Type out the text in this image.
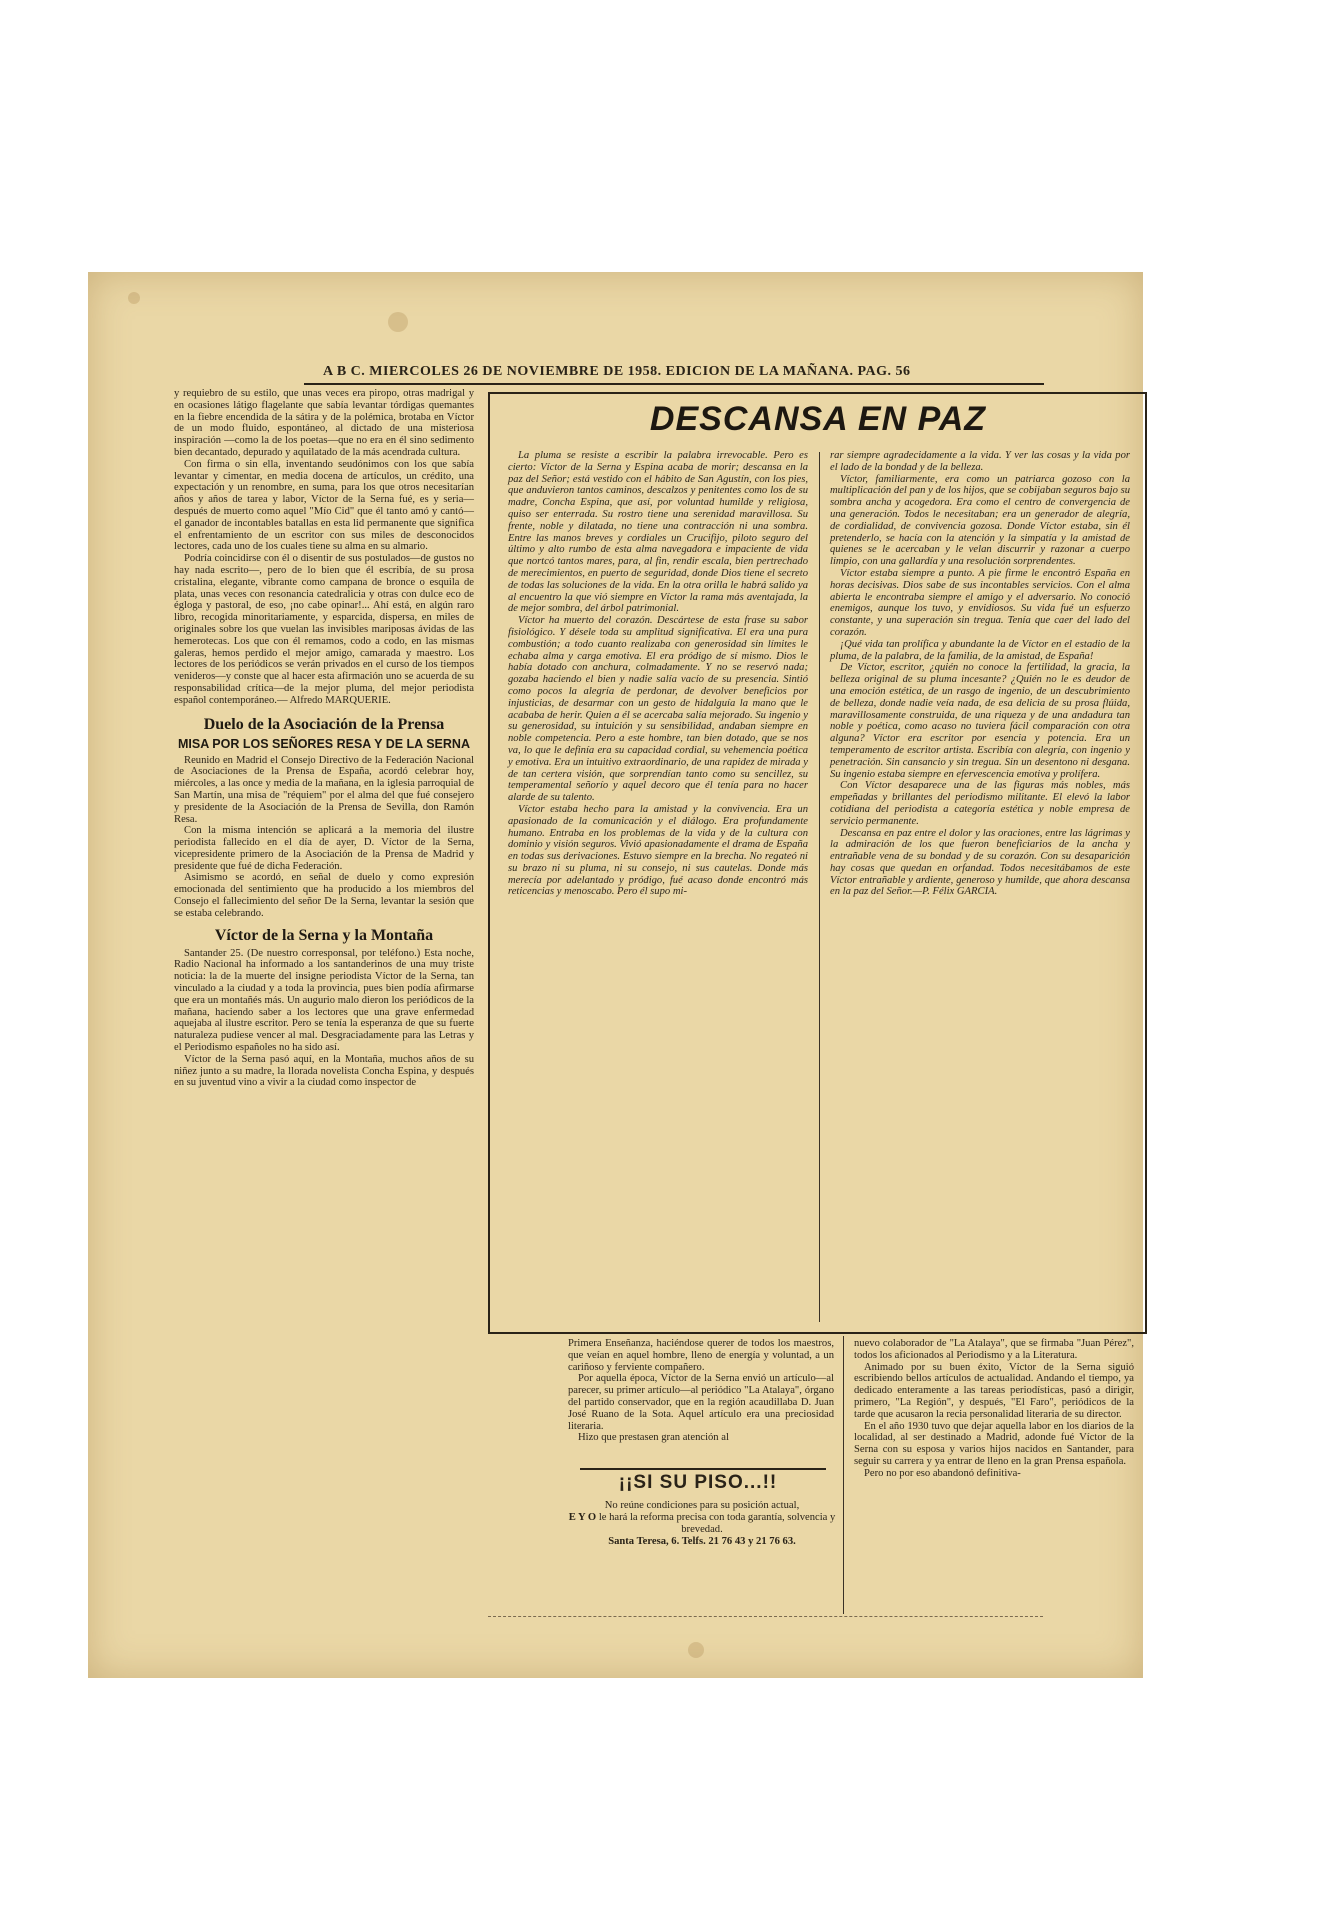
A B C. MIERCOLES 26 DE NOVIEMBRE DE 1958. EDICION DE LA MAÑANA. PAG. 56

y requiebro de su estilo, que unas veces era piropo, otras madrigal y en ocasiones látigo flagelante que sabía levantar tórdigas quemantes en la fiebre encendida de la sátira y de la polémica, brotaba en Víctor de un modo fluido, espontáneo, al dictado de una misteriosa inspiración —como la de los poetas—que no era en él sino sedimento bien decantado, depurado y aquilatado de la más acendrada cultura.

Con firma o sin ella, inventando seudónimos con los que sabía levantar y cimentar, en media docena de artículos, un crédito, una expectación y un renombre, en suma, para los que otros necesitarían años y años de tarea y labor, Víctor de la Serna fué, es y seria—después de muerto como aquel "Mío Cid" que él tanto amó y cantó—el ganador de incontables batallas en esta lid permanente que significa el enfrentamiento de un escritor con sus miles de desconocidos lectores, cada uno de los cuales tiene su alma en su almario.

Podría coincidirse con él o disentir de sus postulados—de gustos no hay nada escrito—, pero de lo bien que él escribía, de su prosa cristalina, elegante, vibrante como campana de bronce o esquila de plata, unas veces con resonancia catedralicia y otras con dulce eco de égloga y pastoral, de eso, ¡no cabe opinar!... Ahí está, en algún raro libro, recogida minoritariamente, y esparcida, dispersa, en miles de originales sobre los que vuelan las invisibles mariposas ávidas de las hemerotecas. Los que con él remamos, codo a codo, en las mismas galeras, hemos perdido el mejor amigo, camarada y maestro. Los lectores de los periódicos se verán privados en el curso de los tiempos venideros—y conste que al hacer esta afirmación uno se acuerda de su responsabilidad crítica—de la mejor pluma, del mejor periodista español contemporáneo.— Alfredo MARQUERIE.

Duelo de la Asociación de la Prensa
MISA POR LOS SEÑORES RESA Y DE LA SERNA

Reunido en Madrid el Consejo Directivo de la Federación Nacional de Asociaciones de la Prensa de España, acordó celebrar hoy, miércoles, a las once y media de la mañana, en la iglesia parroquial de San Martín, una misa de "réquiem" por el alma del que fué consejero y presidente de la Asociación de la Prensa de Sevilla, don Ramón Resa.

Con la misma intención se aplicará a la memoria del ilustre periodista fallecido en el día de ayer, D. Víctor de la Serna, vicepresidente primero de la Asociación de la Prensa de Madrid y presidente que fué de dicha Federación.

Asimismo se acordó, en señal de duelo y como expresión emocionada del sentimiento que ha producido a los miembros del Consejo el fallecimiento del señor De la Serna, levantar la sesión que se estaba celebrando.

Víctor de la Serna y la Montaña

Santander 25. (De nuestro corresponsal, por teléfono.) Esta noche, Radio Nacional ha informado a los santanderinos de una muy triste noticia: la de la muerte del insigne periodista Víctor de la Serna, tan vinculado a la ciudad y a toda la provincia, pues bien podía afirmarse que era un montañés más. Un augurio malo dieron los periódicos de la mañana, haciendo saber a los lectores que una grave enfermedad aquejaba al ilustre escritor. Pero se tenía la esperanza de que su fuerte naturaleza pudiese vencer al mal. Desgraciadamente para las Letras y el Periodismo españoles no ha sido así.

Víctor de la Serna pasó aquí, en la Montaña, muchos años de su niñez junto a su madre, la llorada novelista Concha Espina, y después en su juventud vino a vivir a la ciudad como inspector de

DESCANSA EN PAZ

La pluma se resiste a escribir la palabra irrevocable. Pero es cierto: Víctor de la Serna y Espina acaba de morir; descansa en la paz del Señor; está vestido con el hábito de San Agustín, con los pies, que anduvieron tantos caminos, descalzos y penitentes como los de su madre, Concha Espina, que así, por voluntad humilde y religiosa, quiso ser enterrada. Su rostro tiene una serenidad maravillosa. Su frente, noble y dilatada, no tiene una contracción ni una sombra. Entre las manos breves y cordiales un Crucifijo, piloto seguro del último y alto rumbo de esta alma navegadora e impaciente de vida que nortcó tantos mares, para, al fin, rendir escala, bien pertrechado de merecimientos, en puerto de seguridad, donde Dios tiene el secreto de todas las soluciones de la vida. En la otra orilla le habrá salido ya al encuentro la que vió siempre en Víctor la rama más aventajada, la de mejor sombra, del árbol patrimonial.

Víctor ha muerto del corazón. Descártese de esta frase su sabor fisiológico. Y désele toda su amplitud significativa. El era una pura combustión; a todo cuanto realizaba con generosidad sin límites le echaba alma y carga emotiva. El era pródigo de sí mismo. Dios le había dotado con anchura, colmadamente. Y no se reservó nada; gozaba haciendo el bien y nadie salía vacío de su presencia. Sintió como pocos la alegría de perdonar, de devolver beneficios por injusticias, de desarmar con un gesto de hidalguía la mano que le acababa de herir. Quien a él se acercaba salía mejorado. Su ingenio y su generosidad, su intuición y su sensibilidad, andaban siempre en noble competencia. Pero a este hombre, tan bien dotado, que se nos va, lo que le definía era su capacidad cordial, su vehemencia poética y emotiva. Era un intuitivo extraordinario, de una rapidez de mirada y de tan certera visión, que sorprendían tanto como su sencillez, su temperamental señorío y aquel decoro que él tenía para no hacer alarde de su talento.

Víctor estaba hecho para la amistad y la convivencia. Era un apasionado de la comunicación y el diálogo. Era profundamente humano. Entraba en los problemas de la vida y de la cultura con dominio y visión seguros. Vivió apasionadamente el drama de España en todas sus derivaciones. Estuvo siempre en la brecha. No regateó ni su brazo ni su pluma, ni su consejo, ni sus cautelas. Donde más merecía por adelantado y pródigo, fué acaso donde encontró más reticencias y menoscabo. Pero él supo mi-

rar siempre agradecidamente a la vida. Y ver las cosas y la vida por el lado de la bondad y de la belleza.

Víctor, familiarmente, era como un patriarca gozoso con la multiplicación del pan y de los hijos, que se cobijaban seguros bajo su sombra ancha y acogedora. Era como el centro de convergencia de una generación. Todos le necesitaban; era un generador de alegría, de cordialidad, de convivencia gozosa. Donde Víctor estaba, sin él pretenderlo, se hacía con la atención y la simpatía y la amistad de quienes se le acercaban y le velan discurrir y razonar a cuerpo limpio, con una gallardía y una resolución sorprendentes.

Víctor estaba siempre a punto. A pie firme le encontró España en horas decisivas. Dios sabe de sus incontables servicios. Con el alma abierta le encontraba siempre el amigo y el adversario. No conoció enemigos, aunque los tuvo, y envidiosos. Su vida fué un esfuerzo constante, y una superación sin tregua. Tenía que caer del lado del corazón.

¡Qué vida tan prolífica y abundante la de Víctor en el estadio de la pluma, de la palabra, de la familia, de la amistad, de España!

De Víctor, escritor, ¿quién no conoce la fertilidad, la gracia, la belleza original de su pluma incesante? ¿Quién no le es deudor de una emoción estética, de un rasgo de ingenio, de un descubrimiento de belleza, donde nadie veía nada, de esa delicia de su prosa flúida, maravillosamente construida, de una riqueza y de una andadura tan noble y poética, como acaso no tuviera fácil comparación con otra alguna? Víctor era escritor por esencia y potencia. Era un temperamento de escritor artista. Escribía con alegría, con ingenio y penetración. Sin cansancio y sin tregua. Sin un desentono ni desgana. Su ingenio estaba siempre en efervescencia emotiva y prolífera.

Con Víctor desaparece una de las figuras más nobles, más empeñadas y brillantes del periodismo militante. El elevó la labor cotidiana del periodista a categoría estética y noble empresa de servicio permanente.

Descansa en paz entre el dolor y las oraciones, entre las lágrimas y la admiración de los que fueron beneficiarios de la ancha y entrañable vena de su bondad y de su corazón. Con su desaparición hay cosas que quedan en orfandad. Todos necesitábamos de este Víctor entrañable y ardiente, generoso y humilde, que ahora descansa en la paz del Señor.—P. Félix GARCIA.

Primera Enseñanza, haciéndose querer de todos los maestros, que veían en aquel hombre, lleno de energía y voluntad, a un cariñoso y ferviente compañero.

Por aquella época, Víctor de la Serna envió un artículo—al parecer, su primer artículo—al periódico "La Atalaya", órgano del partido conservador, que en la región acaudillaba D. Juan José Ruano de la Sota. Aquel artículo era una preciosidad literaria.

Hizo que prestasen gran atención al

¡¡SI SU PISO...!!
No reúne condiciones para su posición actual,
E Y O le hará la reforma precisa con toda garantía, solvencia y brevedad.
Santa Teresa, 6. Telfs. 21 76 43 y 21 76 63.

nuevo colaborador de "La Atalaya", que se firmaba "Juan Pérez", todos los aficionados al Periodismo y a la Literatura.

Animado por su buen éxito, Víctor de la Serna siguió escribiendo bellos artículos de actualidad. Andando el tiempo, ya dedicado enteramente a las tareas periodísticas, pasó a dirigir, primero, "La Región", y después, "El Faro", periódicos de la tarde que acusaron la recia personalidad literaria de su director.

En el año 1930 tuvo que dejar aquella labor en los diarios de la localidad, al ser destinado a Madrid, adonde fué Víctor de la Serna con su esposa y varios hijos nacidos en Santander, para seguir su carrera y ya entrar de lleno en la gran Prensa española.

Pero no por eso abandonó definitiva-
